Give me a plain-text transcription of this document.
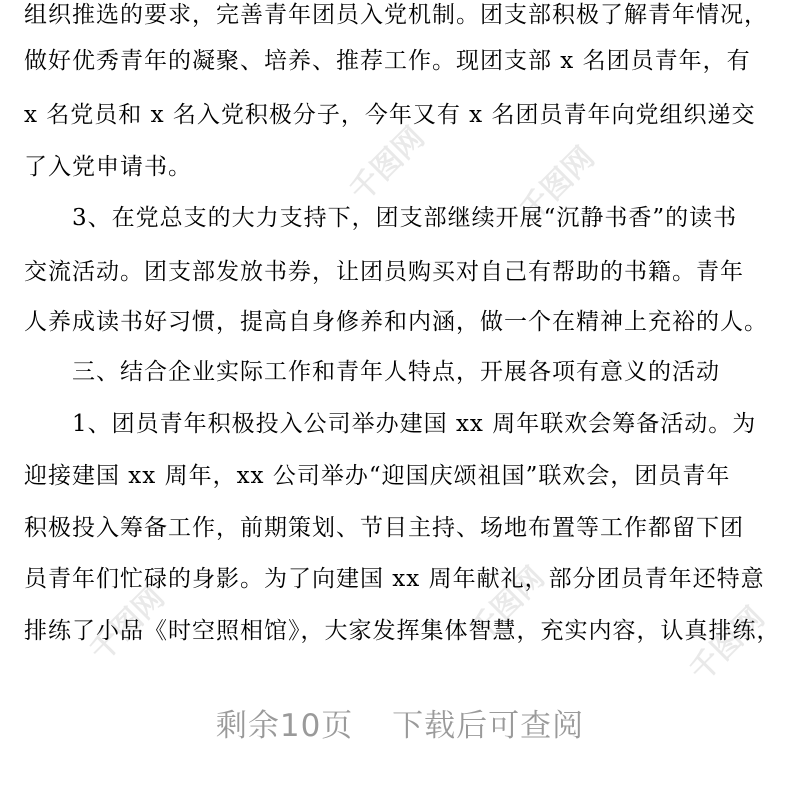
千图网
千图网
千图网
千图网	千图网
组织推选的要求，完善青年团员入党机制。团支部积极了解青年情况，
做好优秀青年的凝聚、培养、推荐工作。现团支部 x 名团员青年，有
x 名党员和 x 名入党积极分子，今年又有 x 名团员青年向党组织递交
了入党申请书。
3、在党总支的大力支持下，团支部继续开展“沉静书香”的读书
交流活动。团支部发放书券，让团员购买对自己有帮助的书籍。青年
人养成读书好习惯，提高自身修养和内涵，做一个在精神上充裕的人。
三、结合企业实际工作和青年人特点，开展各项有意义的活动
1、团员青年积极投入公司举办建国 xx 周年联欢会筹备活动。为
迎接建国 xx 周年，xx 公司举办“迎国庆颂祖国”联欢会，团员青年
积极投入筹备工作，前期策划、节目主持、场地布置等工作都留下团
员青年们忙碌的身影。为了向建国 xx 周年献礼，部分团员青年还特意
排练了小品《时空照相馆》，大家发挥集体智慧，充实内容，认真排练，
剩余10页 下载后可查阅
